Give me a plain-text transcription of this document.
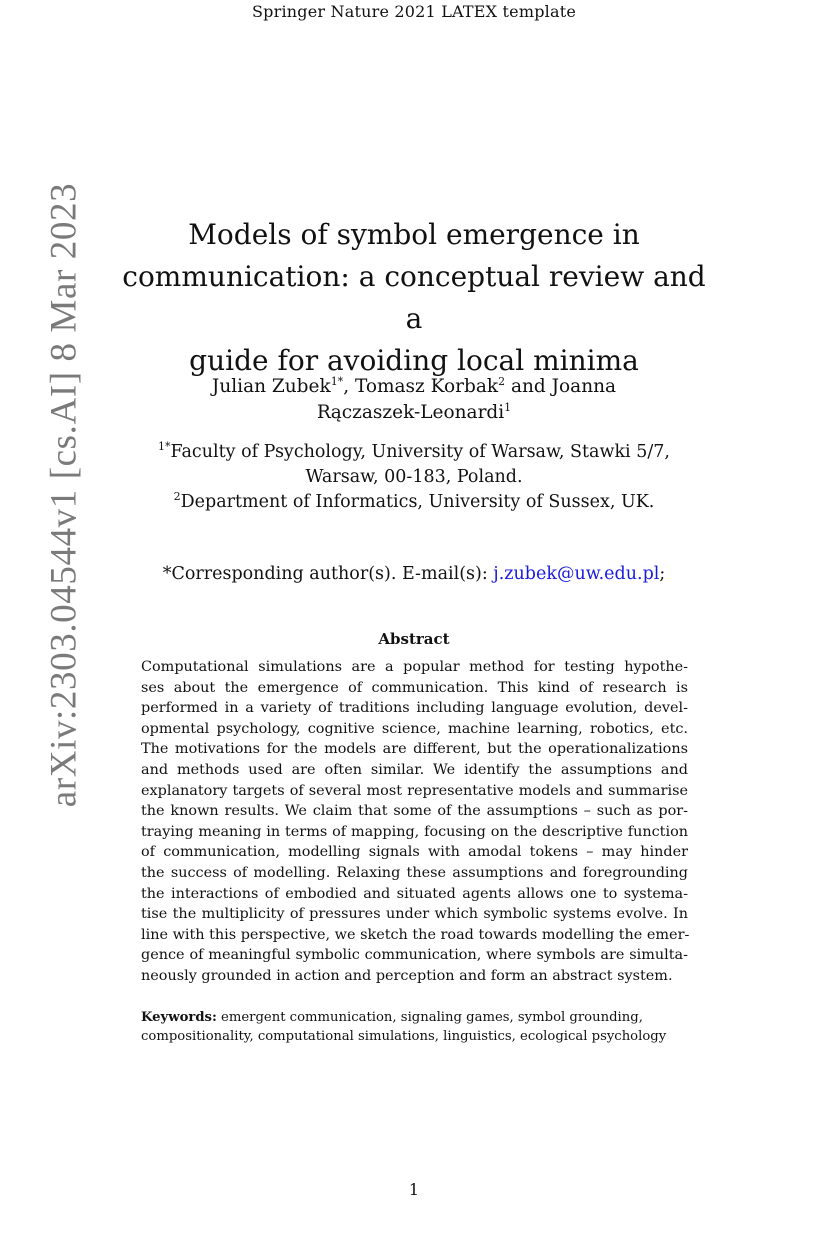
Springer Nature 2021 LATEX template
arXiv:2303.04544v1 [cs.AI] 8 Mar 2023	Models of symbol emergence in
communication: a conceptual review and a
guide for avoiding local minima
Julian Zubek$^{1*}$, Tomasz Korbak$^2$ and Joanna
Rączaszek-Leonardi$^1$
$^{1*}$Faculty of Psychology, University of Warsaw, Stawki 5/7,
Warsaw, 00-183, Poland.
$^2$Department of Informatics, University of Sussex, UK.
*Corresponding author(s). E-mail(s): j.zubek@uw.edu.pl;
Abstract
Computational simulations are a popular method for testing hypothe-
ses about the emergence of communication. This kind of research is
performed in a variety of traditions including language evolution, devel-
opmental psychology, cognitive science, machine learning, robotics, etc.
The motivations for the models are different, but the operationalizations
and methods used are often similar. We identify the assumptions and
explanatory targets of several most representative models and summarise
the known results. We claim that some of the assumptions – such as por-
traying meaning in terms of mapping, focusing on the descriptive function
of communication, modelling signals with amodal tokens – may hinder
the success of modelling. Relaxing these assumptions and foregrounding
the interactions of embodied and situated agents allows one to systema-
tise the multiplicity of pressures under which symbolic systems evolve. In
line with this perspective, we sketch the road towards modelling the emer-
gence of meaningful symbolic communication, where symbols are simulta-
neously grounded in action and perception and form an abstract system.
Keywords: emergent communication, signaling games, symbol grounding,
compositionality, computational simulations, linguistics, ecological psychology
1
